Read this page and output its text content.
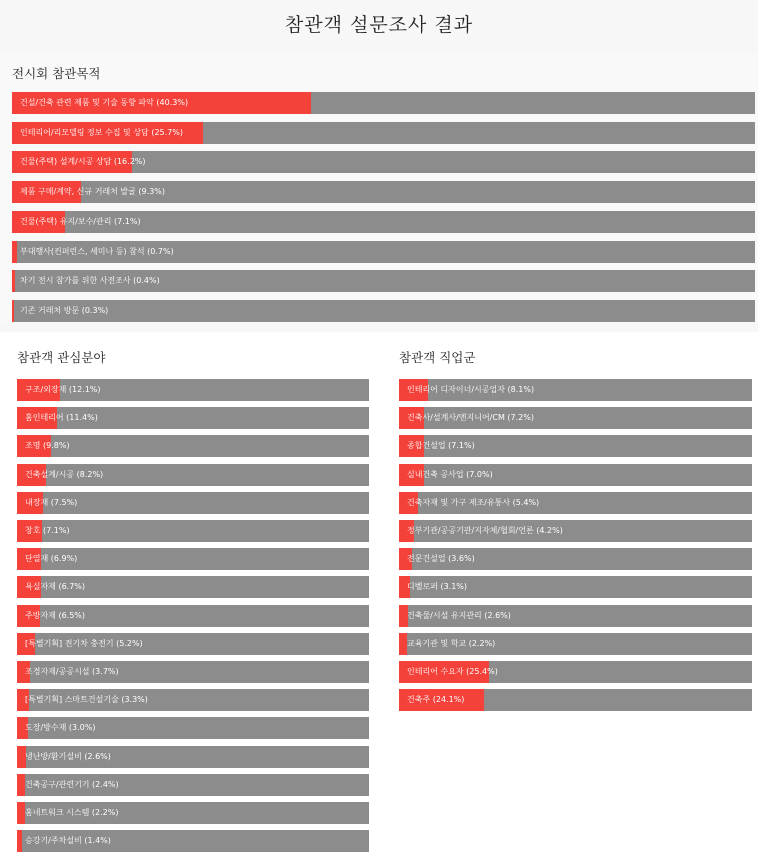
참관객 설문조사 결과
전시회 참관목적
참관객 관심분야	참관객 직업군
건설/건축 관련 제품 및 기술 동향 파악 (40.3%)
인테리어/리모델링 정보 수집 및 상담 (25.7%)
건물(주택) 설계/시공 상담 (16.2%)
제품 구매/계약, 신규 거래처 발굴 (9.3%)
건물(주택) 유지/보수/관리 (7.1%)
부대행사(컨퍼런스, 세미나 등) 참석 (0.7%)
차기 전시 참가를 위한 사전조사 (0.4%)
기존 거래처 방문 (0.3%)
구조/외장재 (12.1%)
홈인테리어 (11.4%)
조명 (9.8%)
건축설계/시공 (8.2%)
내장재 (7.5%)
창호 (7.1%)
단열재 (6.9%)
욕실자재 (6.7%)
주방자재 (6.5%)
[특별기획] 전기차 충전기 (5.2%)
조경자재/공공시설 (3.7%)
[특별기획] 스마트건설기술 (3.3%)
도장/방수재 (3.0%)
냉난방/환기설비 (2.6%)
건축공구/관련기기 (2.4%)
홈네트워크 시스템 (2.2%)
승강기/주차설비 (1.4%)
인테리어 디자이너/시공업자 (8.1%)
건축사/설계사/엔지니어/CM (7.2%)
종합건설업 (7.1%)
실내건축 공사업 (7.0%)
건축자재 및 가구 제조/유통사 (5.4%)
정부기관/공공기관/지자체/협회/언론 (4.2%)
전문건설업 (3.6%)
디벨로퍼 (3.1%)
건축물/시설 유지관리 (2.6%)
교육기관 및 학교 (2.2%)
인테리어 수요자 (25.4%)
건축주 (24.1%)
